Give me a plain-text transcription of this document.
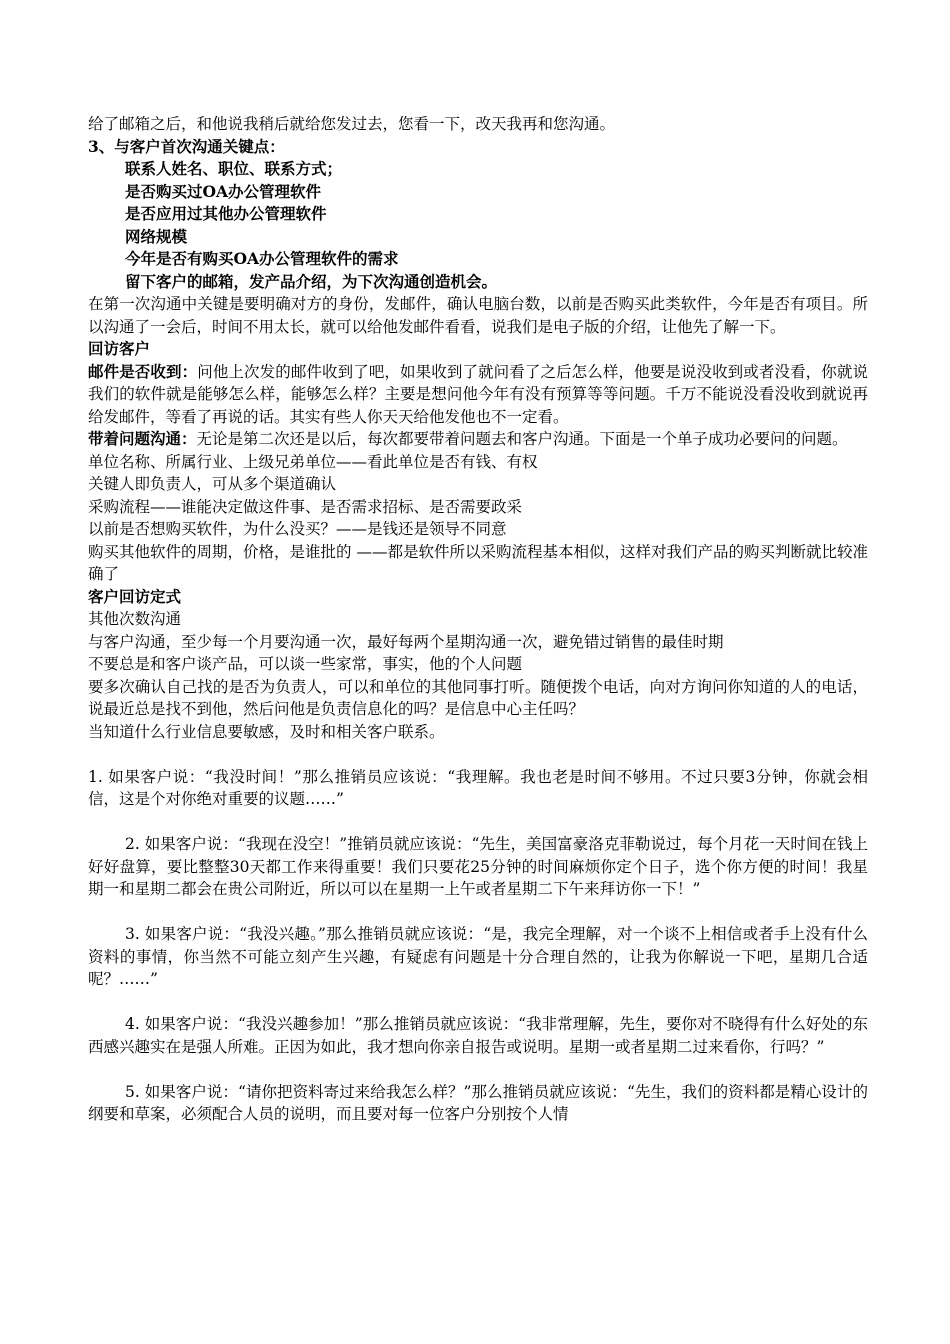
给了邮箱之后，和他说我稍后就给您发过去，您看一下，改天我再和您沟通。
3、与客户首次沟通关键点：
联系人姓名、职位、联系方式；
是否购买过OA办公管理软件
是否应用过其他办公管理软件
网络规模
今年是否有购买OA办公管理软件的需求
留下客户的邮箱，发产品介绍，为下次沟通创造机会。
在第一次沟通中关键是要明确对方的身份，发邮件，确认电脑台数，以前是否购买此类软件，今年是否有项目。所以沟通了一会后，时间不用太长，就可以给他发邮件看看，说我们是电子版的介绍，让他先了解一下。
回访客户
邮件是否收到：问他上次发的邮件收到了吧，如果收到了就问看了之后怎么样，他要是说没收到或者没看，你就说我们的软件就是能够怎么样，能够怎么样？主要是想问他今年有没有预算等等问题。千万不能说没看没收到就说再给发邮件，等看了再说的话。其实有些人你天天给他发他也不一定看。
带着问题沟通：无论是第二次还是以后，每次都要带着问题去和客户沟通。下面是一个单子成功必要问的问题。
单位名称、所属行业、上级兄弟单位——看此单位是否有钱、有权
关键人即负责人，可从多个渠道确认
采购流程——谁能决定做这件事、是否需求招标、是否需要政采
以前是否想购买软件，为什么没买？——是钱还是领导不同意
购买其他软件的周期，价格，是谁批的 ——都是软件所以采购流程基本相似，这样对我们产品的购买判断就比较准确了
客户回访定式
其他次数沟通
与客户沟通，至少每一个月要沟通一次，最好每两个星期沟通一次，避免错过销售的最佳时期
不要总是和客户谈产品，可以谈一些家常，事实，他的个人问题
要多次确认自己找的是否为负责人，可以和单位的其他同事打听。随便拨个电话，向对方询问你知道的人的电话，说最近总是找不到他，然后问他是负责信息化的吗？是信息中心主任吗？
当知道什么行业信息要敏感，及时和相关客户联系。
1. 如果客户说：“我没时间！”那么推销员应该说：“我理解。我也老是时间不够用。不过只要3分钟，你就会相信，这是个对你绝对重要的议题……”
2. 如果客户说：“我现在没空！”推销员就应该说：“先生，美国富豪洛克菲勒说过，每个月花一天时间在钱上好好盘算，要比整整30天都工作来得重要！我们只要花25分钟的时间麻烦你定个日子，选个你方便的时间！我星期一和星期二都会在贵公司附近，所以可以在星期一上午或者星期二下午来拜访你一下！”
3. 如果客户说：“我没兴趣。”那么推销员就应该说：“是，我完全理解，对一个谈不上相信或者手上没有什么资料的事情，你当然不可能立刻产生兴趣，有疑虑有问题是十分合理自然的，让我为你解说一下吧，星期几合适呢？……”
4. 如果客户说：“我没兴趣参加！”那么推销员就应该说：“我非常理解，先生，要你对不晓得有什么好处的东西感兴趣实在是强人所难。正因为如此，我才想向你亲自报告或说明。星期一或者星期二过来看你，行吗？”
5. 如果客户说：“请你把资料寄过来给我怎么样？”那么推销员就应该说：“先生，我们的资料都是精心设计的纲要和草案，必须配合人员的说明，而且要对每一位客户分别按个人情
